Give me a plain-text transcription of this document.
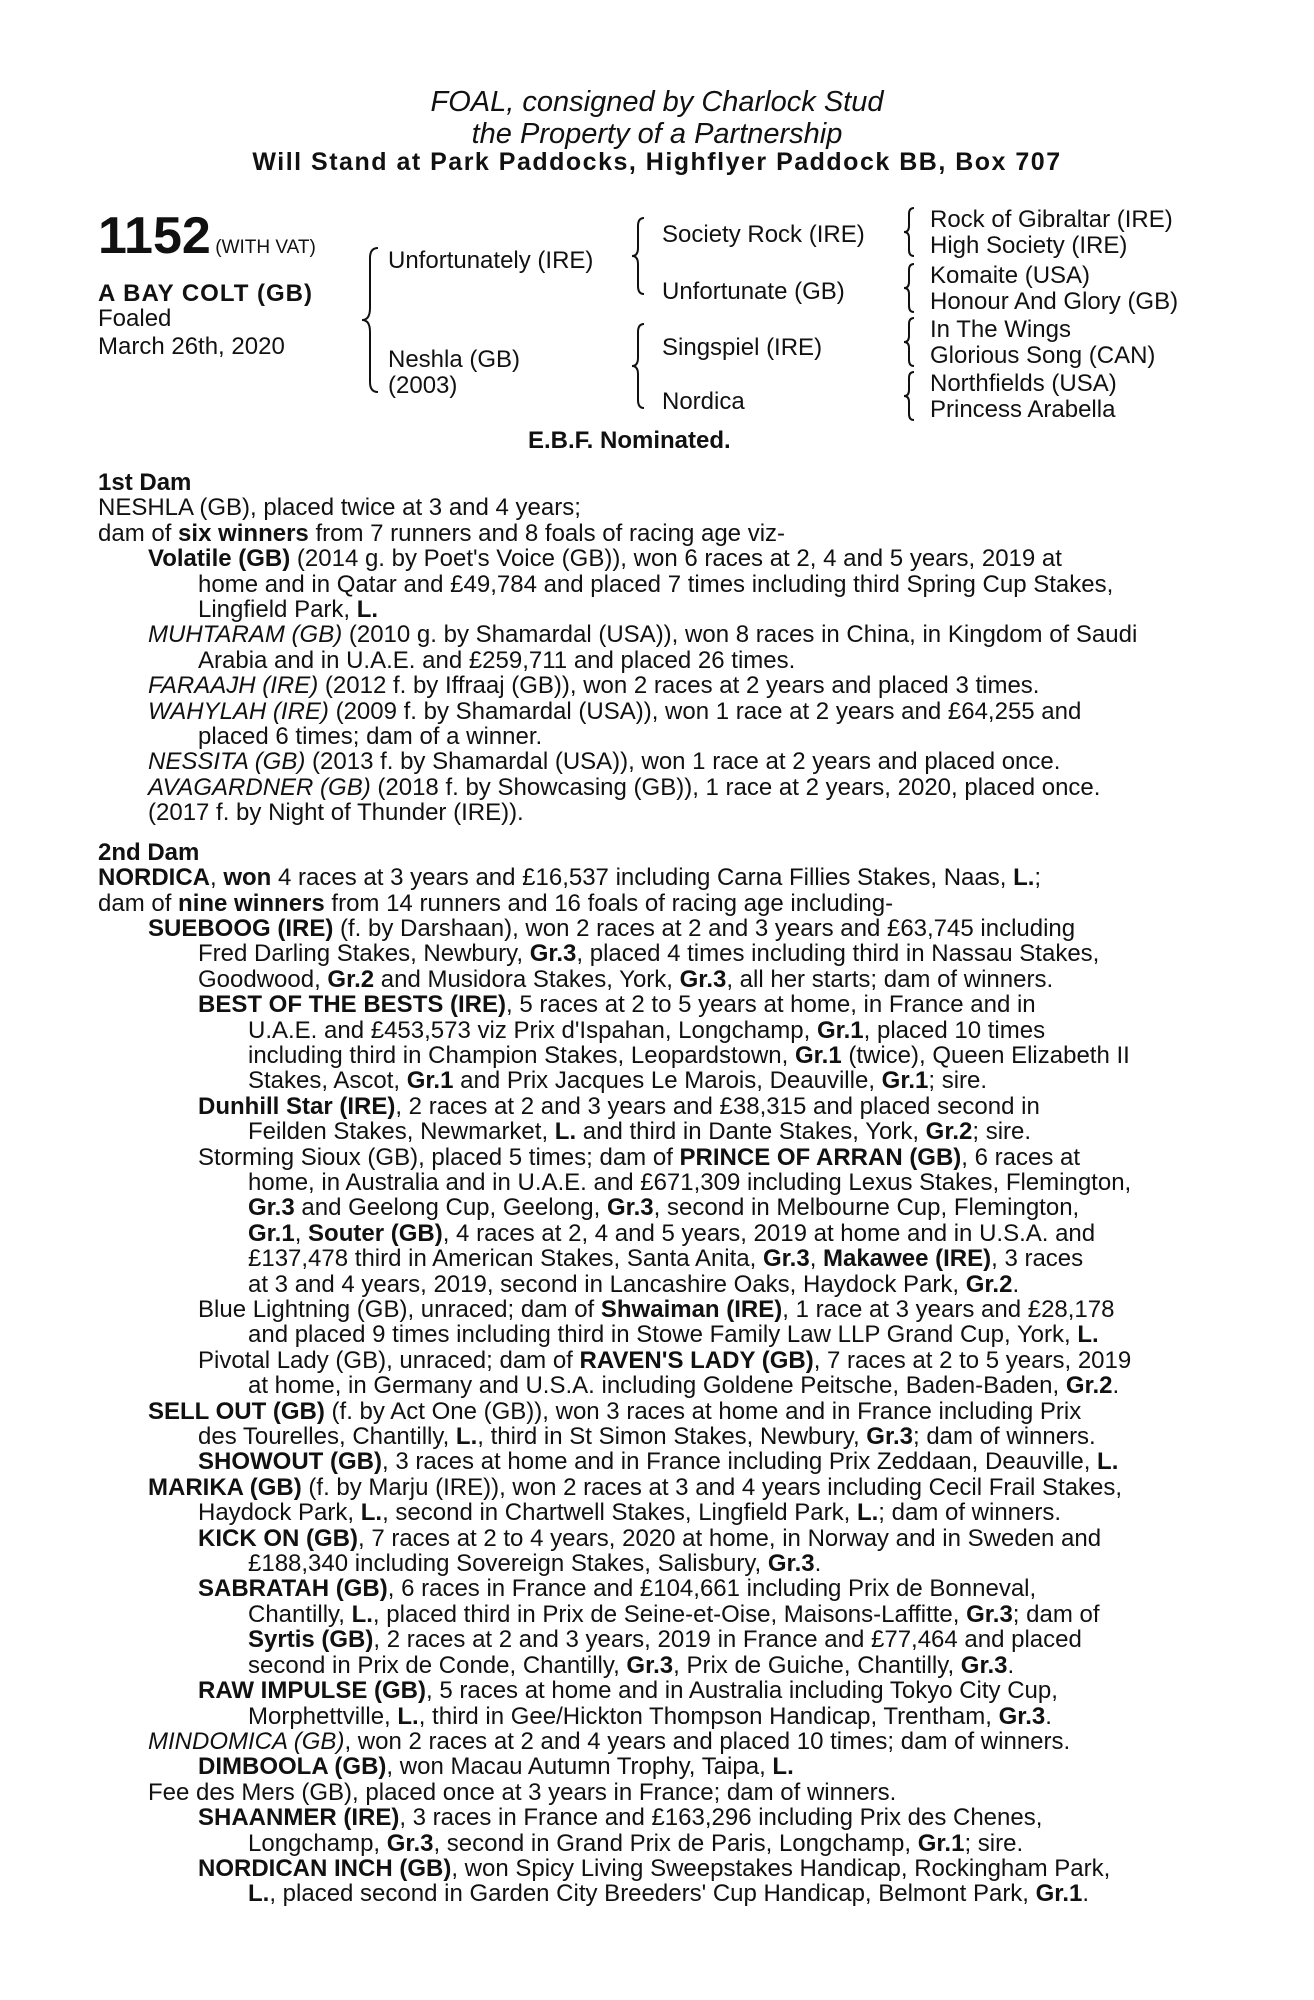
FOAL, consigned by Charlock Stud
the Property of a Partnership
Will Stand at Park Paddocks, Highflyer Paddock BB, Box 707
1152 (WITH VAT)
A BAY COLT (GB)
Foaled
March 26th, 2020
Unfortunately (IRE)
Neshla (GB)
(2003)
Society Rock (IRE)
Unfortunate (GB)
Singspiel (IRE)
Nordica
Rock of Gibraltar (IRE)
High Society (IRE)
Komaite (USA)
Honour And Glory (GB)
In The Wings
Glorious Song (CAN)
Northfields (USA)
Princess Arabella
E.B.F. Nominated.
1st Dam
NESHLA (GB), placed twice at 3 and 4 years;
dam of six winners from 7 runners and 8 foals of racing age viz-
Volatile (GB) (2014 g. by Poet's Voice (GB)), won 6 races at 2, 4 and 5 years, 2019 at
home and in Qatar and £49,784 and placed 7 times including third Spring Cup Stakes,
Lingfield Park, L.
MUHTARAM (GB) (2010 g. by Shamardal (USA)), won 8 races in China, in Kingdom of Saudi
Arabia and in U.A.E. and £259,711 and placed 26 times.
FARAAJH (IRE) (2012 f. by Iffraaj (GB)), won 2 races at 2 years and placed 3 times.
WAHYLAH (IRE) (2009 f. by Shamardal (USA)), won 1 race at 2 years and £64,255 and
placed 6 times; dam of a winner.
NESSITA (GB) (2013 f. by Shamardal (USA)), won 1 race at 2 years and placed once.
AVAGARDNER (GB) (2018 f. by Showcasing (GB)), 1 race at 2 years, 2020, placed once.
(2017 f. by Night of Thunder (IRE)).
2nd Dam
NORDICA, won 4 races at 3 years and £16,537 including Carna Fillies Stakes, Naas, L.;
dam of nine winners from 14 runners and 16 foals of racing age including-
SUEBOOG (IRE) (f. by Darshaan), won 2 races at 2 and 3 years and £63,745 including
Fred Darling Stakes, Newbury, Gr.3, placed 4 times including third in Nassau Stakes,
Goodwood, Gr.2 and Musidora Stakes, York, Gr.3, all her starts; dam of winners.
BEST OF THE BESTS (IRE), 5 races at 2 to 5 years at home, in France and in
U.A.E. and £453,573 viz Prix d'Ispahan, Longchamp, Gr.1, placed 10 times
including third in Champion Stakes, Leopardstown, Gr.1 (twice), Queen Elizabeth II
Stakes, Ascot, Gr.1 and Prix Jacques Le Marois, Deauville, Gr.1; sire.
Dunhill Star (IRE), 2 races at 2 and 3 years and £38,315 and placed second in
Feilden Stakes, Newmarket, L. and third in Dante Stakes, York, Gr.2; sire.
Storming Sioux (GB), placed 5 times; dam of PRINCE OF ARRAN (GB), 6 races at
home, in Australia and in U.A.E. and £671,309 including Lexus Stakes, Flemington,
Gr.3 and Geelong Cup, Geelong, Gr.3, second in Melbourne Cup, Flemington,
Gr.1, Souter (GB), 4 races at 2, 4 and 5 years, 2019 at home and in U.S.A. and
£137,478 third in American Stakes, Santa Anita, Gr.3, Makawee (IRE), 3 races
at 3 and 4 years, 2019, second in Lancashire Oaks, Haydock Park, Gr.2.
Blue Lightning (GB), unraced; dam of Shwaiman (IRE), 1 race at 3 years and £28,178
and placed 9 times including third in Stowe Family Law LLP Grand Cup, York, L.
Pivotal Lady (GB), unraced; dam of RAVEN'S LADY (GB), 7 races at 2 to 5 years, 2019
at home, in Germany and U.S.A. including Goldene Peitsche, Baden-Baden, Gr.2.
SELL OUT (GB) (f. by Act One (GB)), won 3 races at home and in France including Prix
des Tourelles, Chantilly, L., third in St Simon Stakes, Newbury, Gr.3; dam of winners.
SHOWOUT (GB), 3 races at home and in France including Prix Zeddaan, Deauville, L.
MARIKA (GB) (f. by Marju (IRE)), won 2 races at 3 and 4 years including Cecil Frail Stakes,
Haydock Park, L., second in Chartwell Stakes, Lingfield Park, L.; dam of winners.
KICK ON (GB), 7 races at 2 to 4 years, 2020 at home, in Norway and in Sweden and
£188,340 including Sovereign Stakes, Salisbury, Gr.3.
SABRATAH (GB), 6 races in France and £104,661 including Prix de Bonneval,
Chantilly, L., placed third in Prix de Seine-et-Oise, Maisons-Laffitte, Gr.3; dam of
Syrtis (GB), 2 races at 2 and 3 years, 2019 in France and £77,464 and placed
second in Prix de Conde, Chantilly, Gr.3, Prix de Guiche, Chantilly, Gr.3.
RAW IMPULSE (GB), 5 races at home and in Australia including Tokyo City Cup,
Morphettville, L., third in Gee/Hickton Thompson Handicap, Trentham, Gr.3.
MINDOMICA (GB), won 2 races at 2 and 4 years and placed 10 times; dam of winners.
DIMBOOLA (GB), won Macau Autumn Trophy, Taipa, L.
Fee des Mers (GB), placed once at 3 years in France; dam of winners.
SHAANMER (IRE), 3 races in France and £163,296 including Prix des Chenes,
Longchamp, Gr.3, second in Grand Prix de Paris, Longchamp, Gr.1; sire.
NORDICAN INCH (GB), won Spicy Living Sweepstakes Handicap, Rockingham Park,
L., placed second in Garden City Breeders' Cup Handicap, Belmont Park, Gr.1.
